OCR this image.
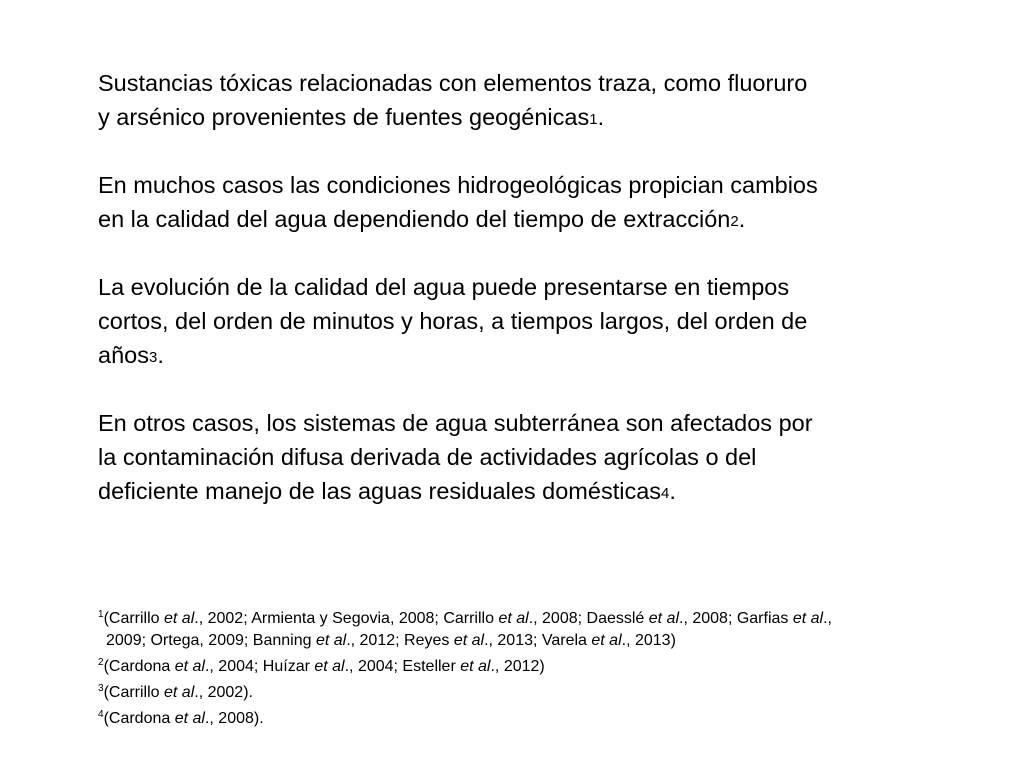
Sustancias tóxicas relacionadas con elementos traza, como fluoruro
y arsénico provenientes de fuentes geogénicas$^1$.

En muchos casos las condiciones hidrogeológicas propician cambios
en la calidad del agua dependiendo del tiempo de extracción$^2$.

La evolución de la calidad del agua puede presentarse en tiempos
cortos, del orden de minutos y horas, a tiempos largos, del orden de
años$^3$.

En otros casos, los sistemas de agua subterránea son afectados por
la contaminación difusa derivada de actividades agrícolas o del
deficiente manejo de las aguas residuales domésticas$^4$.

$^1$(Carrillo et al., 2002; Armienta y Segovia, 2008; Carrillo et al., 2008; Daesslé et al., 2008; Garfias et al.,
2009; Ortega, 2009; Banning et al., 2012; Reyes et al., 2013; Varela et al., 2013)
$^2$(Cardona et al., 2004; Huízar et al., 2004; Esteller et al., 2012)
$^3$(Carrillo et al., 2002).
$^4$(Cardona et al., 2008).
